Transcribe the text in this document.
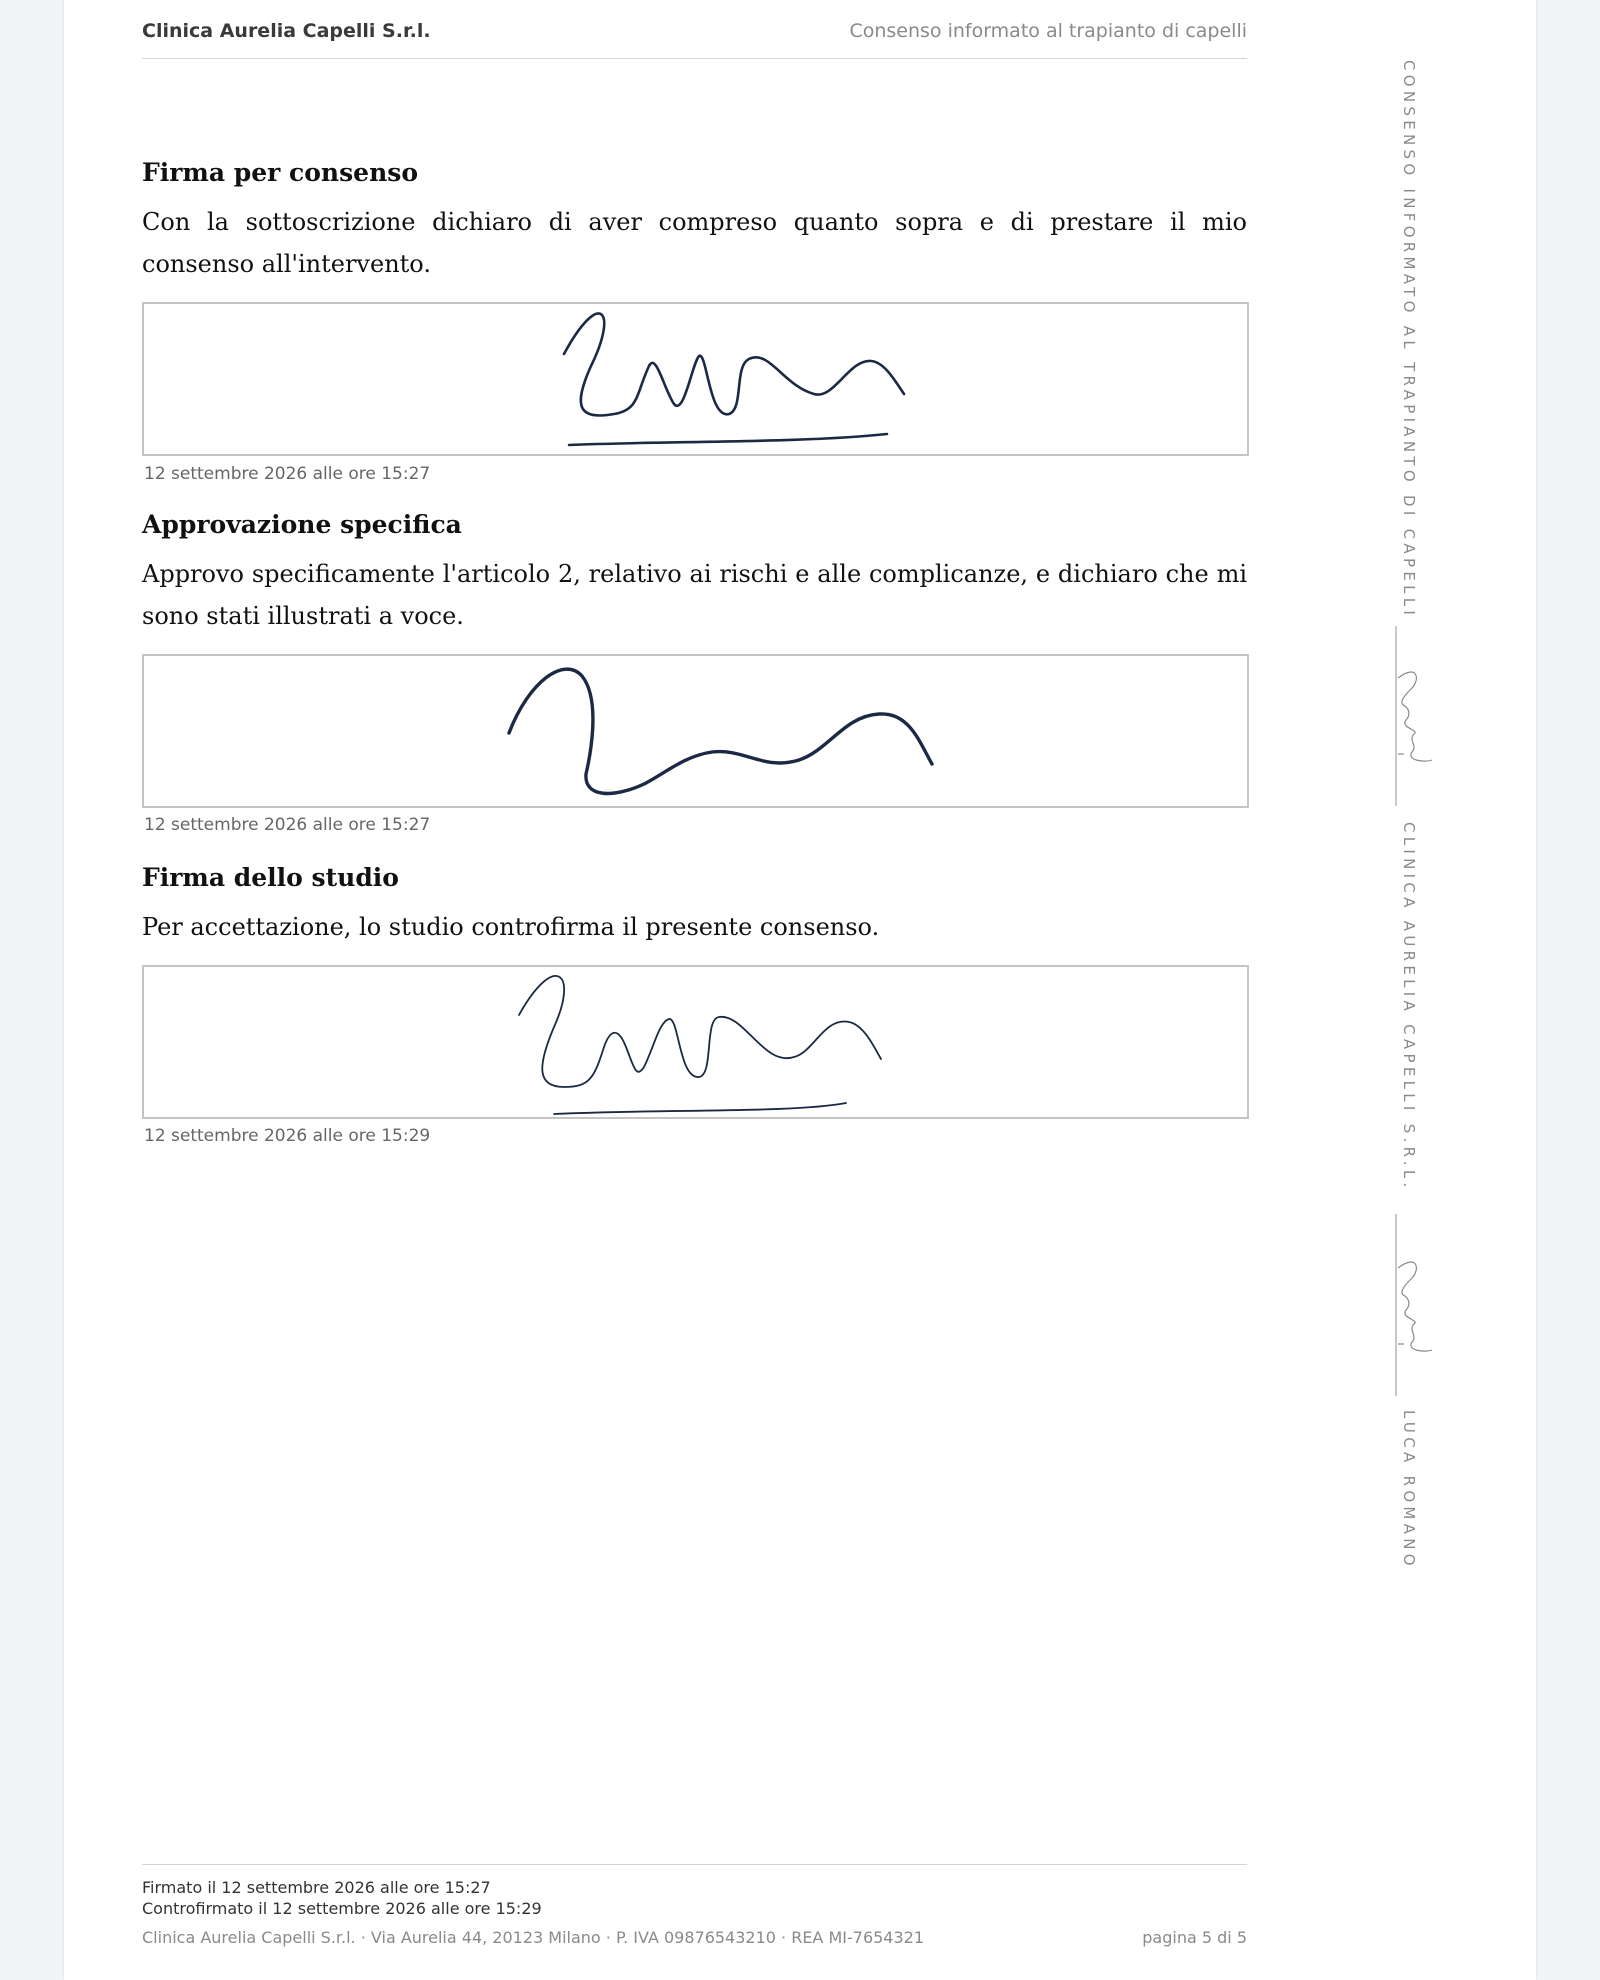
Clinica Aurelia Capelli S.r.l.	Consenso informato al trapianto di capelli
Firma per consenso

Con la sottoscrizione dichiaro di aver compreso quanto sopra e di prestare il mio consenso all'intervento.

12 settembre 2026 alle ore 15:27
Approvazione specifica

Approvo specificamente l'articolo 2, relativo ai rischi e alle complicanze, e dichiaro che mi sono stati illustrati a voce.

12 settembre 2026 alle ore 15:27
Firma dello studio

Per accettazione, lo studio controfirma il presente consenso.

12 settembre 2026 alle ore 15:29
CONSENSO INFORMATO AL TRAPIANTO DI CAPELLI
CLINICA AURELIA CAPELLI S.R.L.
LUCA ROMANO
Firmato il 12 settembre 2026 alle ore 15:27
Controfirmato il 12 settembre 2026 alle ore 15:29
Clinica Aurelia Capelli S.r.l. · Via Aurelia 44, 20123 Milano · P. IVA 09876543210 · REA MI-7654321	pagina 5 di 5
